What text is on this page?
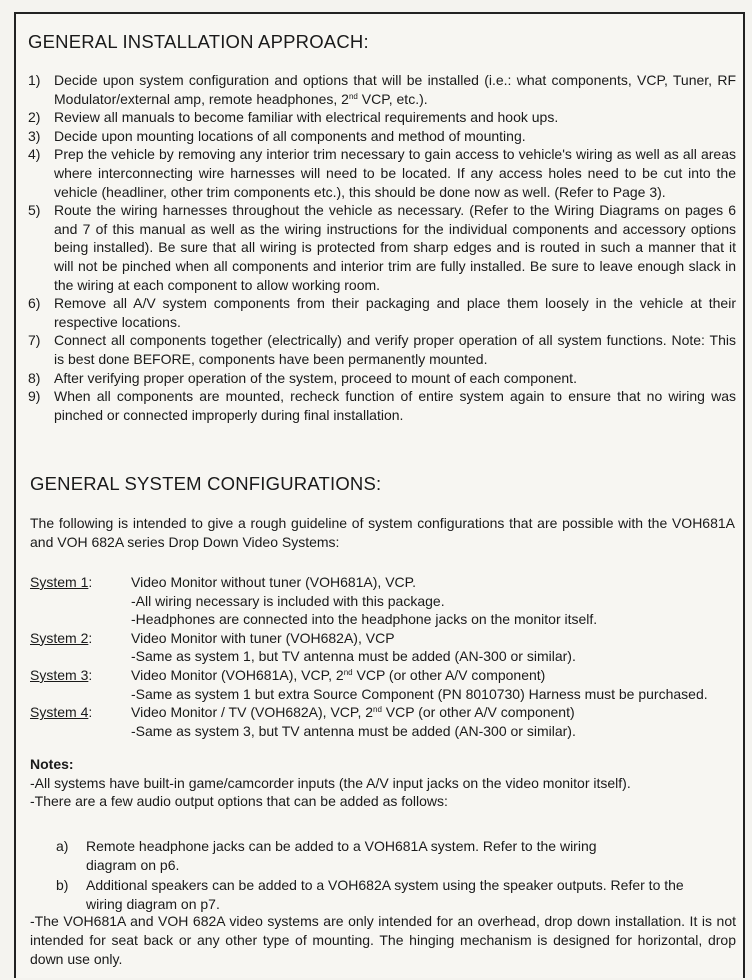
GENERAL INSTALLATION APPROACH:
1) Decide upon system configuration and options that will be installed (i.e.: what components, VCP, Tuner, RF Modulator/external amp, remote headphones, 2nd VCP, etc.).
2) Review all manuals to become familiar with electrical requirements and hook ups.
3) Decide upon mounting locations of all components and method of mounting.
4) Prep the vehicle by removing any interior trim necessary to gain access to vehicle's wiring as well as all areas where interconnecting wire harnesses will need to be located. If any access holes need to be cut into the vehicle (headliner, other trim components etc.), this should be done now as well. (Refer to Page 3).
5) Route the wiring harnesses throughout the vehicle as necessary. (Refer to the Wiring Diagrams on pages 6 and 7 of this manual as well as the wiring instructions for the individual components and accessory options being installed). Be sure that all wiring is protected from sharp edges and is routed in such a manner that it will not be pinched when all components and interior trim are fully installed. Be sure to leave enough slack in the wiring at each component to allow working room.
6) Remove all A/V system components from their packaging and place them loosely in the vehicle at their respective locations.
7) Connect all components together (electrically) and verify proper operation of all system functions. Note: This is best done BEFORE, components have been permanently mounted.
8) After verifying proper operation of the system, proceed to mount of each component.
9) When all components are mounted, recheck function of entire system again to ensure that no wiring was pinched or connected improperly during final installation.
GENERAL SYSTEM CONFIGURATIONS:
The following is intended to give a rough guideline of system configurations that are possible with the VOH681A and VOH 682A series Drop Down Video Systems:
System 1:	Video Monitor without tuner (VOH681A), VCP.
-All wiring necessary is included with this package.
-Headphones are connected into the headphone jacks on the monitor itself.
System 2:	Video Monitor with tuner (VOH682A), VCP
-Same as system 1, but TV antenna must be added (AN-300 or similar).
System 3:	Video Monitor (VOH681A), VCP, 2nd VCP (or other A/V component)
-Same as system 1 but extra Source Component (PN 8010730) Harness must be purchased.
System 4:	Video Monitor / TV (VOH682A), VCP, 2nd VCP (or other A/V component)
-Same as system 3, but TV antenna must be added (AN-300 or similar).
Notes:
-All systems have built-in game/camcorder inputs (the A/V input jacks on the video monitor itself).
-There are a few audio output options that can be added as follows:
a)	Remote headphone jacks can be added to a VOH681A system. Refer to the wiring
diagram on p6.
b)	Additional speakers can be added to a VOH682A system using the speaker outputs. Refer to the
wiring diagram on p7.
-The VOH681A and VOH 682A video systems are only intended for an overhead, drop down installation. It is not intended for seat back or any other type of mounting. The hinging mechanism is designed for horizontal, drop down use only.
